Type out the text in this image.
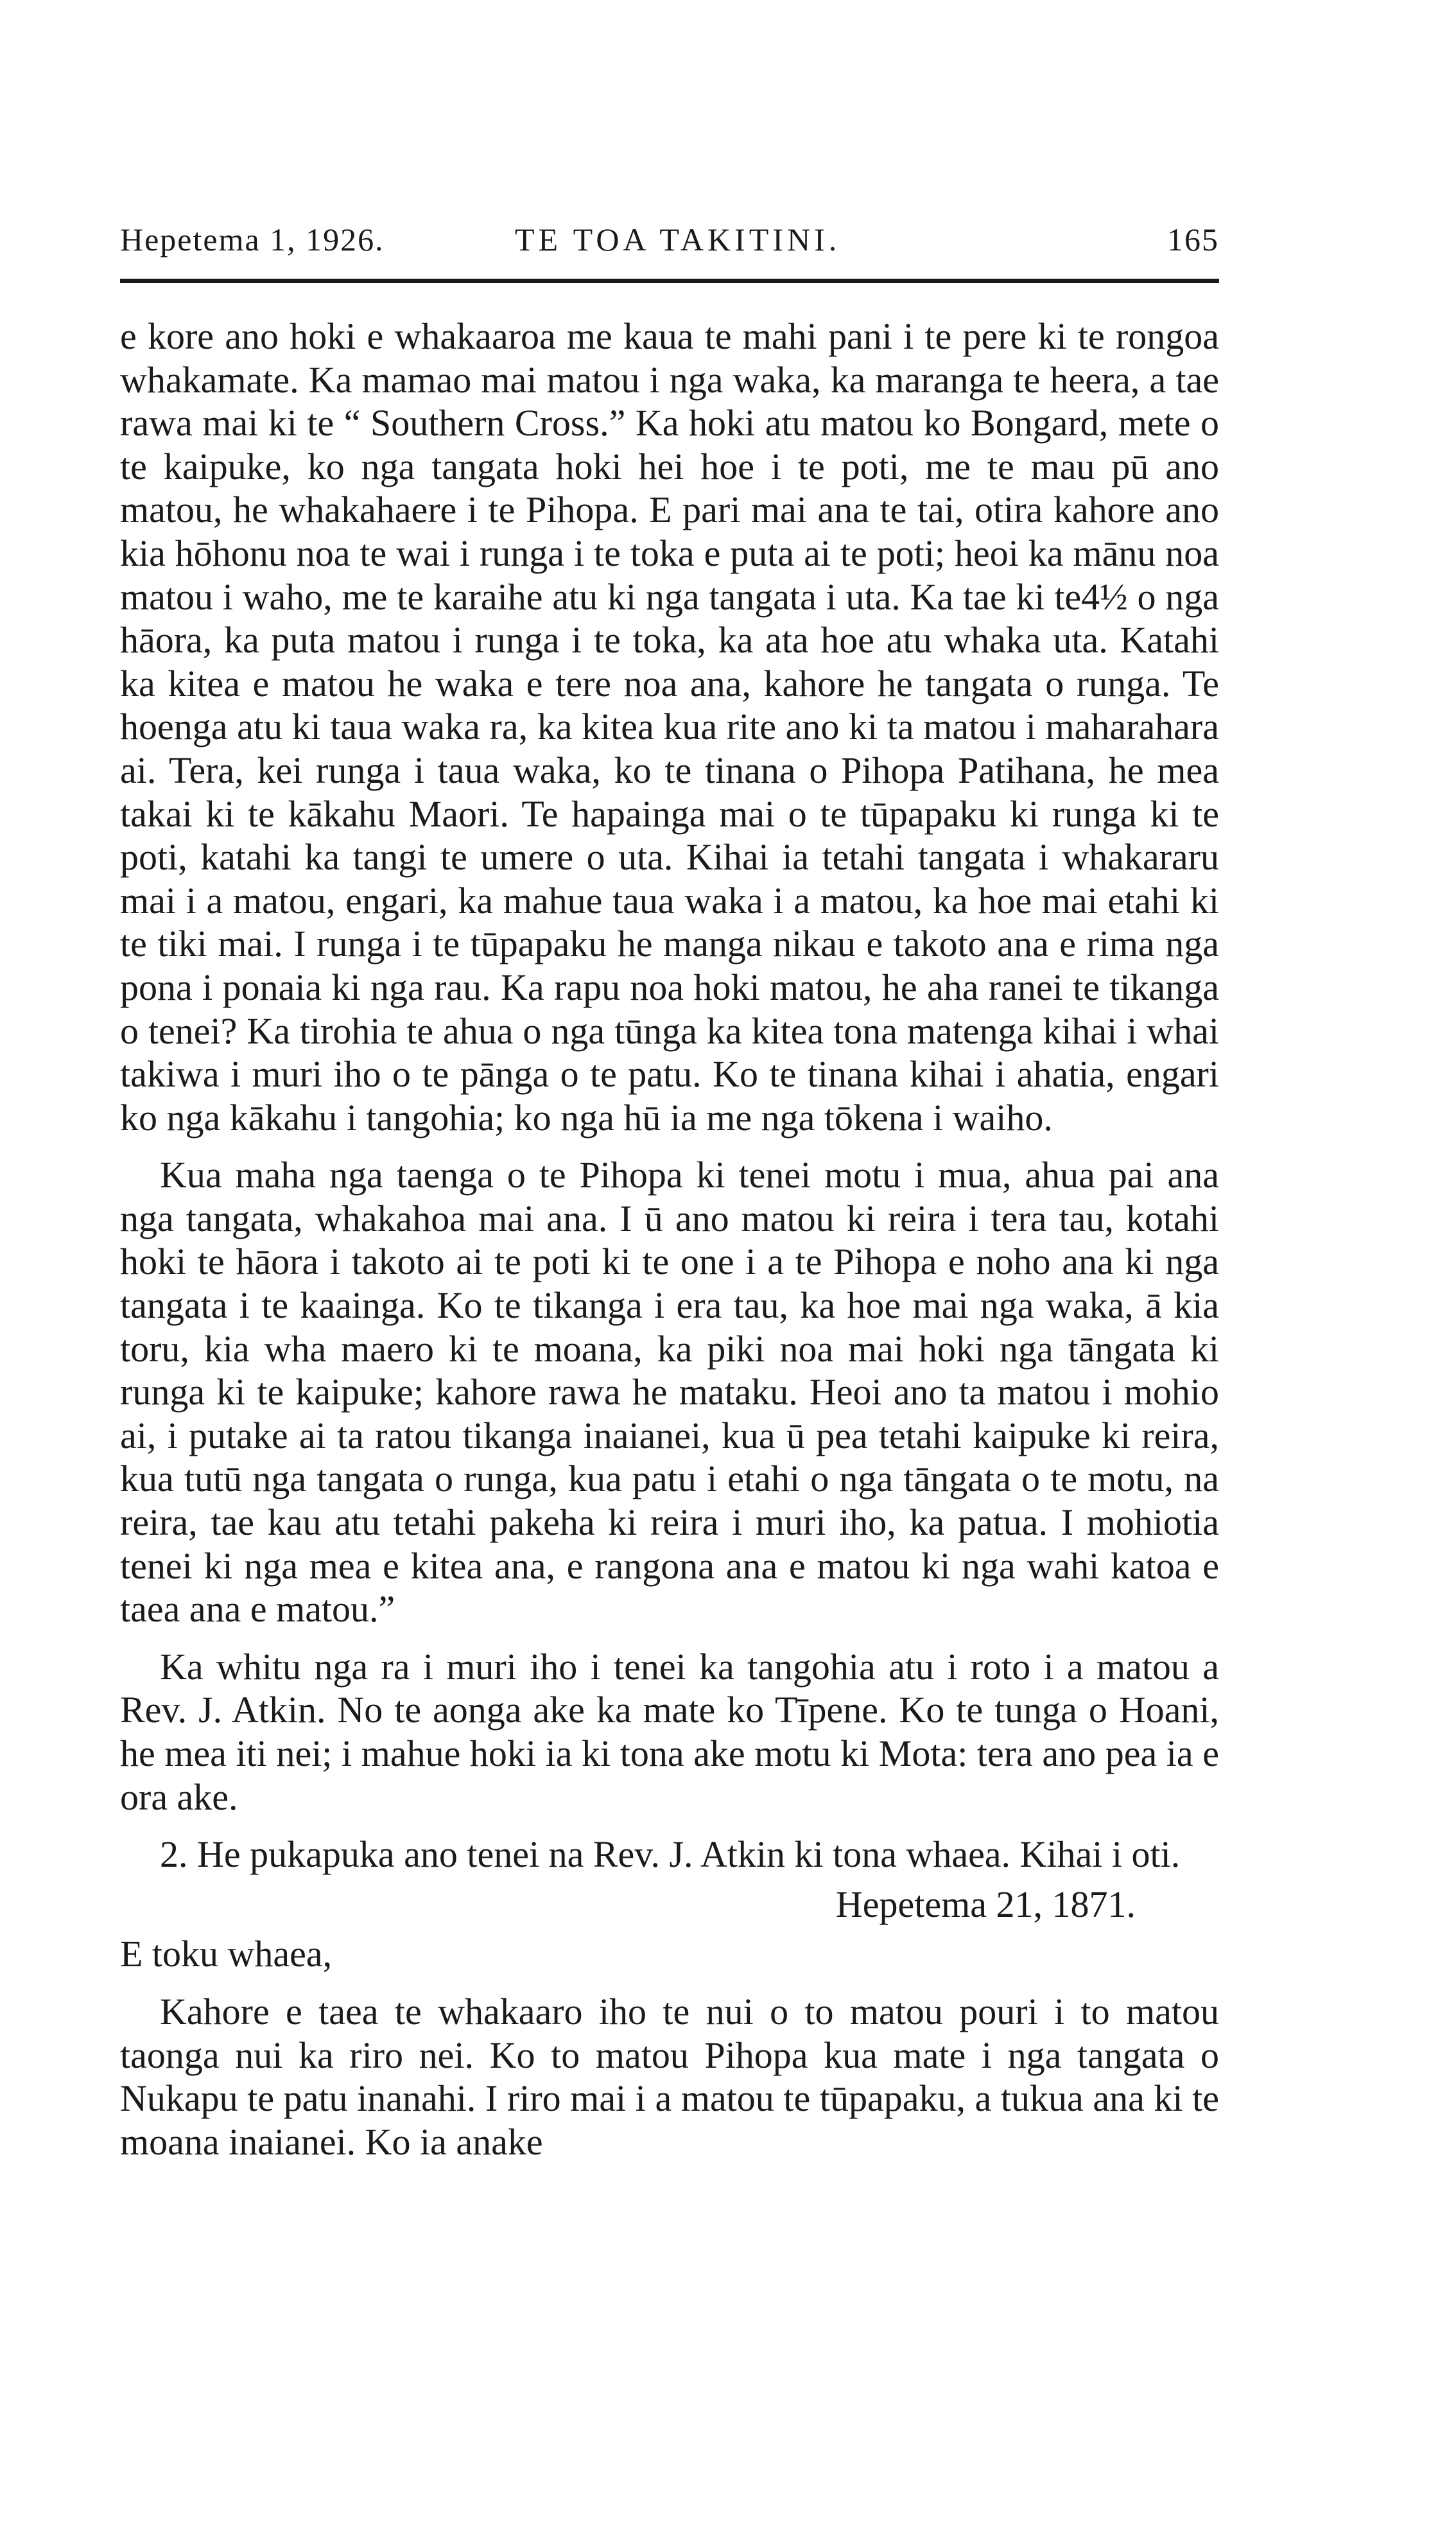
Hepetema 1, 1926.	TE TOA TAKITINI.	165

e kore ano hoki e whakaaroa me kaua te mahi pani i te pere ki te rongoa whakamate. Ka mamao mai matou i nga waka, ka maranga te heera, a tae rawa mai ki te “ Southern Cross.” Ka hoki atu matou ko Bongard, mete o te kaipuke, ko nga tangata hoki hei hoe i te poti, me te mau pū ano matou, he whakahaere i te Pihopa. E pari mai ana te tai, otira kahore ano kia hōhonu noa te wai i runga i te toka e puta ai te poti; heoi ka mānu noa matou i waho, me te karaihe atu ki nga tangata i uta. Ka tae ki te4½ o nga hāora, ka puta matou i runga i te toka, ka ata hoe atu whaka uta. Katahi ka kitea e matou he waka e tere noa ana, kahore he tangata o runga. Te hoenga atu ki taua waka ra, ka kitea kua rite ano ki ta matou i maharahara ai. Tera, kei runga i taua waka, ko te tinana o Pihopa Patihana, he mea takai ki te kākahu Maori. Te hapainga mai o te tūpapaku ki runga ki te poti, katahi ka tangi te umere o uta. Kihai ia tetahi tangata i whakararu mai i a matou, engari, ka mahue taua waka i a matou, ka hoe mai etahi ki te tiki mai. I runga i te tūpapaku he manga nikau e takoto ana e rima nga pona i ponaia ki nga rau. Ka rapu noa hoki matou, he aha ranei te tikanga o tenei? Ka tirohia te ahua o nga tūnga ka kitea tona matenga kihai i whai takiwa i muri iho o te pānga o te patu. Ko te tinana kihai i ahatia, engari ko nga kākahu i tangohia; ko nga hū ia me nga tōkena i waiho.

Kua maha nga taenga o te Pihopa ki tenei motu i mua, ahua pai ana nga tangata, whakahoa mai ana. I ū ano matou ki reira i tera tau, kotahi hoki te hāora i takoto ai te poti ki te one i a te Pihopa e noho ana ki nga tangata i te kaainga. Ko te tikanga i era tau, ka hoe mai nga waka, ā kia toru, kia wha maero ki te moana, ka piki noa mai hoki nga tāngata ki runga ki te kaipuke; kahore rawa he mataku. Heoi ano ta matou i mohio ai, i putake ai ta ratou tikanga inaianei, kua ū pea tetahi kaipuke ki reira, kua tutū nga tangata o runga, kua patu i etahi o nga tāngata o te motu, na reira, tae kau atu tetahi pakeha ki reira i muri iho, ka patua. I mohiotia tenei ki nga mea e kitea ana, e rangona ana e matou ki nga wahi katoa e taea ana e matou.”

Ka whitu nga ra i muri iho i tenei ka tangohia atu i roto i a matou a Rev. J. Atkin. No te aonga ake ka mate ko Tīpene. Ko te tunga o Hoani, he mea iti nei; i mahue hoki ia ki tona ake motu ki Mota: tera ano pea ia e ora ake.

2. He pukapuka ano tenei na Rev. J. Atkin ki tona whaea. Kihai i oti.

Hepetema 21, 1871.

E toku whaea,

Kahore e taea te whakaaro iho te nui o to matou pouri i to matou taonga nui ka riro nei. Ko to matou Pihopa kua mate i nga tangata o Nukapu te patu inanahi. I riro mai i a matou te tūpapaku, a tukua ana ki te moana inaianei. Ko ia anake
